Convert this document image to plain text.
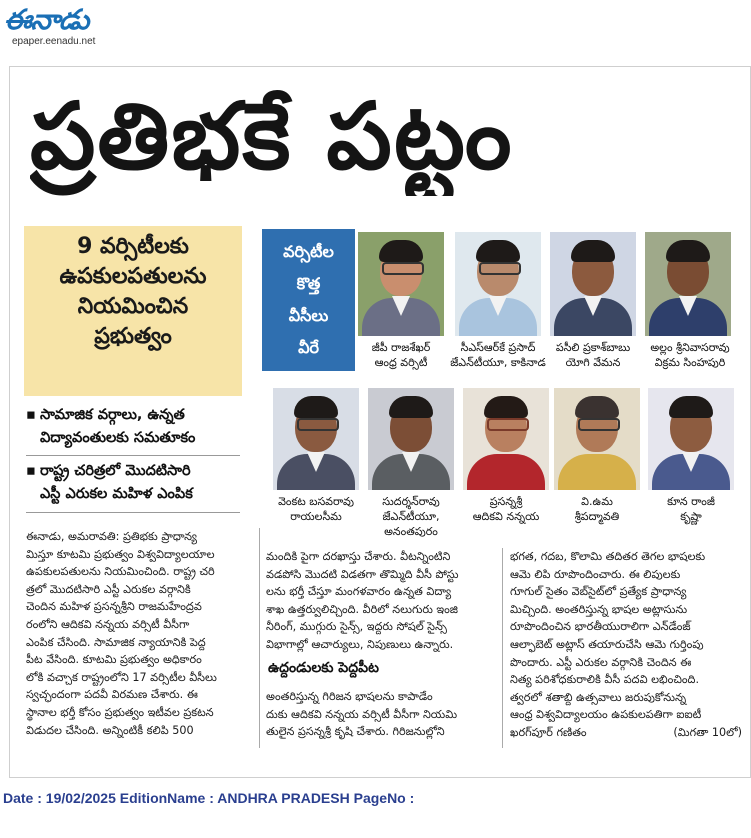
ఈనాడు
epaper.eenadu.net
ప్రతిభకే పట్టం
9 వర్సిటీలకు
ఉపకులపతులను
నియమించిన
ప్రభుత్వం
▪ సామాజిక వర్గాలు, ఉన్నత
విద్యావంతులకు సమతూకం
▪ రాష్ట్ర చరిత్రలో మొదటిసారి
ఎస్టీ ఎరుకల మహిళ ఎంపిక
వర్సిటీల
కొత్త
వీసీలు
వీరే	జీపీ రాజశేఖర్
ఆంధ్ర వర్సిటీ
సీఎస్ఆర్‌కే ప్రసాద్
జేఎన్‌టీయూ, కాకినాడ
పసీలి ప్రకాశ్‌బాబు
యోగి వేమన
అల్లం శ్రీనివాసరావు
విక్రమ సింహపురి
వెంకట బసవరావు
రాయలసీమ
సుదర్శన్‌రావు
జేఎన్‌టీయూ,
అనంతపురం
ప్రసన్నశ్రీ
ఆదికవి నన్నయ
వి.ఉమ
శ్రీపద్మావతి
కూన రాంజీ
కృష్ణా
ఈనాడు, అమరావతి: ప్రతిభకు ప్రాధాన్య
మిస్తూ కూటమి ప్రభుత్వం విశ్వవిద్యాలయాల
ఉపకులపతులను నియమించింది. రాష్ట్ర చరి
త్రలో మొదటిసారి ఎస్టీ ఎరుకల వర్గానికి
చెందిన మహిళ ప్రసన్నశ్రీని రాజమహేంద్రవ
రంలోని ఆదికవి నన్నయ వర్సిటీ వీసీగా
ఎంపిక చేసింది. సామాజిక న్యాయానికి పెద్ద
పీట వేసింది. కూటమి ప్రభుత్వం అధికారం
లోకి వచ్చాక రాష్ట్రంలోని 17 వర్సిటీల వీసీలు
స్వచ్ఛందంగా పదవీ విరమణ చేశారు. ఈ
స్థానాల భర్తీ కోసం ప్రభుత్వం ఇటీవల ప్రకటన
విడుదల చేసింది. అన్నింటికీ కలిపి 500
మందికి పైగా దరఖాస్తు చేశారు. వీటన్నింటిని
వడపోసి మొదటి విడతగా తొమ్మిది వీసీ పోస్టు
లను భర్తీ చేస్తూ మంగళవారం ఉన్నత విద్యా
శాఖ ఉత్తర్వులిచ్చింది. వీరిలో నలుగురు ఇంజి
నీరింగ్, ముగ్గురు సైన్స్, ఇద్దరు సోషల్ సైన్స్
విభాగాల్లో ఆచార్యులు, నిపుణులు ఉన్నారు.
ఉద్దండులకు పెద్దపీట
అంతరిస్తున్న గిరిజన భాషలను కాపాడేం
దుకు ఆదికవి నన్నయ వర్సిటీ వీసీగా నియమి
తులైన ప్రసన్నశ్రీ కృషి చేశారు. గిరిజనుల్లోని
భగత, గదబ, కొలామి తదితర తెగల భాషలకు
ఆమె లిపి రూపొందించారు. ఈ లిపులకు
గూగుల్ సైతం వెబ్‌సైట్‌లో ప్రత్యేక ప్రాధాన్య
మిచ్చింది. అంతరిస్తున్న భాషల అట్లాసును
రూపొందించిన భారతీయురాలిగా ఎన్‌డేంజ్
ఆల్ఫాబెట్ అట్లాస్ తయారుచేసి ఆమె గుర్తింపు
పొందారు. ఎస్టీ ఎరుకల వర్గానికి చెందిన ఈ
నిత్య పరిశోధకురాలికి వీసీ పదవి లభించింది.
త్వరలో శతాబ్ది ఉత్సవాలు జరుపుకోనున్న
ఆంధ్ర విశ్వవిద్యాలయం ఉపకులపతిగా ఐఐటీ
ఖరగ్‌పూర్ గణితం	(మిగతా 10లో)
Date : 19/02/2025 EditionName : ANDHRA PRADESH PageNo :
